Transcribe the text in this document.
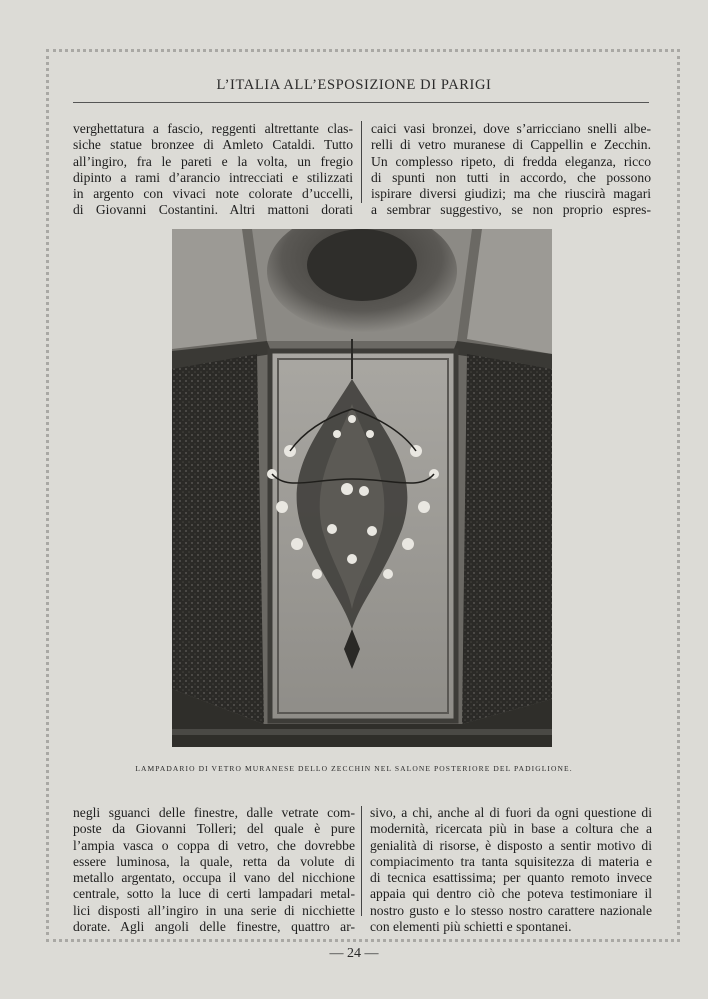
L’ITALIA ALL’ESPOSIZIONE DI PARIGI
verghettatura a fascio, reggenti altrettante clas-
siche statue bronzee di Amleto Cataldi. Tutto
all’ingiro, fra le pareti e la volta, un fregio
dipinto a rami d’arancio intrecciati e stilizzati
in argento con vivaci note colorate d’uccelli,
di Giovanni Costantini. Altri mattoni dorati
caici vasi bronzei, dove s’arricciano snelli albe-
relli di vetro muranese di Cappellin e Zecchin.
Un complesso ripeto, di fredda eleganza, ricco
di spunti non tutti in accordo, che possono
ispirare diversi giudizi; ma che riuscirà magari
a sembrar suggestivo, se non proprio espres-
LAMPADARIO DI VETRO MURANESE DELLO ZECCHIN NEL SALONE POSTERIORE DEL PADIGLIONE.
negli sguanci delle finestre, dalle vetrate com-
poste da Giovanni Tolleri; del quale è pure
l’ampia vasca o coppa di vetro, che dovrebbe
essere luminosa, la quale, retta da volute di
metallo argentato, occupa il vano del nicchione
centrale, sotto la luce di certi lampadari metal-
lici disposti all’ingiro in una serie di nicchiette
dorate. Agli angoli delle finestre, quattro ar-
sivo, a chi, anche al di fuori da ogni questione di
modernità, ricercata più in base a coltura che a
genialità di risorse, è disposto a sentir motivo di
compiacimento tra tanta squisitezza di materia e
di tecnica esattissima; per quanto remoto invece
appaia qui dentro ciò che poteva testimoniare il
nostro gusto e lo stesso nostro carattere nazionale
con elementi più schietti e spontanei.
— 24 —
